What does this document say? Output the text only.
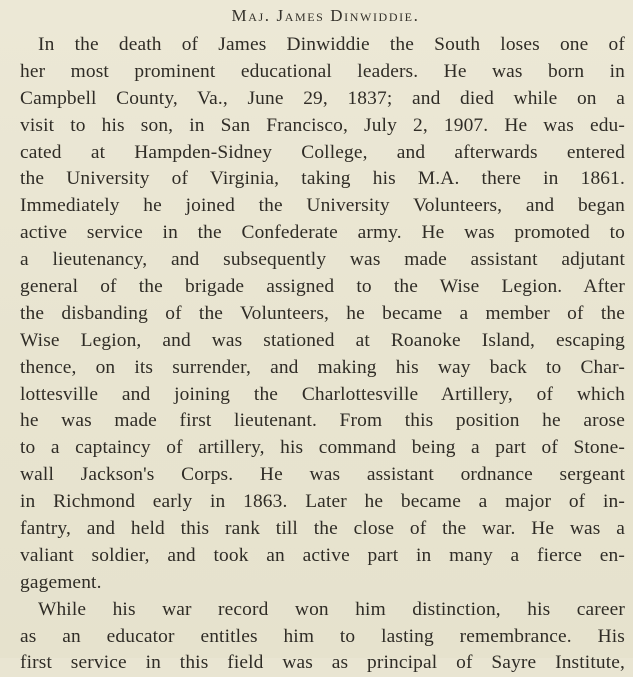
Maj. James Dinwiddie.
In the death of James Dinwiddie the South loses one of
her most prominent educational leaders. He was born in
Campbell County, Va., June 29, 1837; and died while on a
visit to his son, in San Francisco, July 2, 1907. He was edu-
cated at Hampden-Sidney College, and afterwards entered
the University of Virginia, taking his M.A. there in 1861.
Immediately he joined the University Volunteers, and began
active service in the Confederate army. He was promoted to
a lieutenancy, and subsequently was made assistant adjutant
general of the brigade assigned to the Wise Legion. After
the disbanding of the Volunteers, he became a member of the
Wise Legion, and was stationed at Roanoke Island, escaping
thence, on its surrender, and making his way back to Char-
lottesville and joining the Charlottesville Artillery, of which
he was made first lieutenant. From this position he arose
to a captaincy of artillery, his command being a part of Stone-
wall Jackson's Corps. He was assistant ordnance sergeant
in Richmond early in 1863. Later he became a major of in-
fantry, and held this rank till the close of the war. He was a
valiant soldier, and took an active part in many a fierce en-
gagement.
While his war record won him distinction, his career
as an educator entitles him to lasting remembrance. His
first service in this field was as principal of Sayre Institute,
